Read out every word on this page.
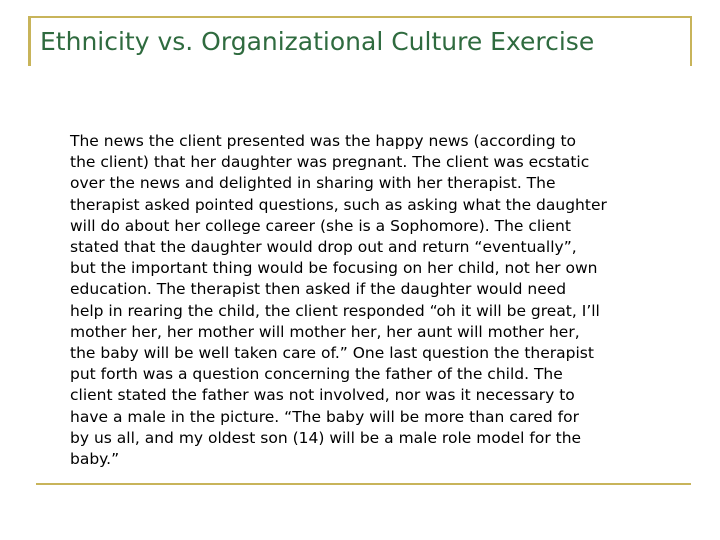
Ethnicity vs. Organizational Culture Exercise
The news the client presented was the happy news (according to
the client) that her daughter was pregnant. The client was ecstatic
over the news and delighted in sharing with her therapist. The
therapist asked pointed questions, such as asking what the daughter
will do about her college career (she is a Sophomore). The client
stated that the daughter would drop out and return “eventually”,
but the important thing would be focusing on her child, not her own
education. The therapist then asked if the daughter would need
help in rearing the child, the client responded “oh it will be great, I’ll
mother her, her mother will mother her, her aunt will mother her,
the baby will be well taken care of.” One last question the therapist
put forth was a question concerning the father of the child. The
client stated the father was not involved, nor was it necessary to
have a male in the picture. “The baby will be more than cared for
by us all, and my oldest son (14) will be a male role model for the
baby.”
